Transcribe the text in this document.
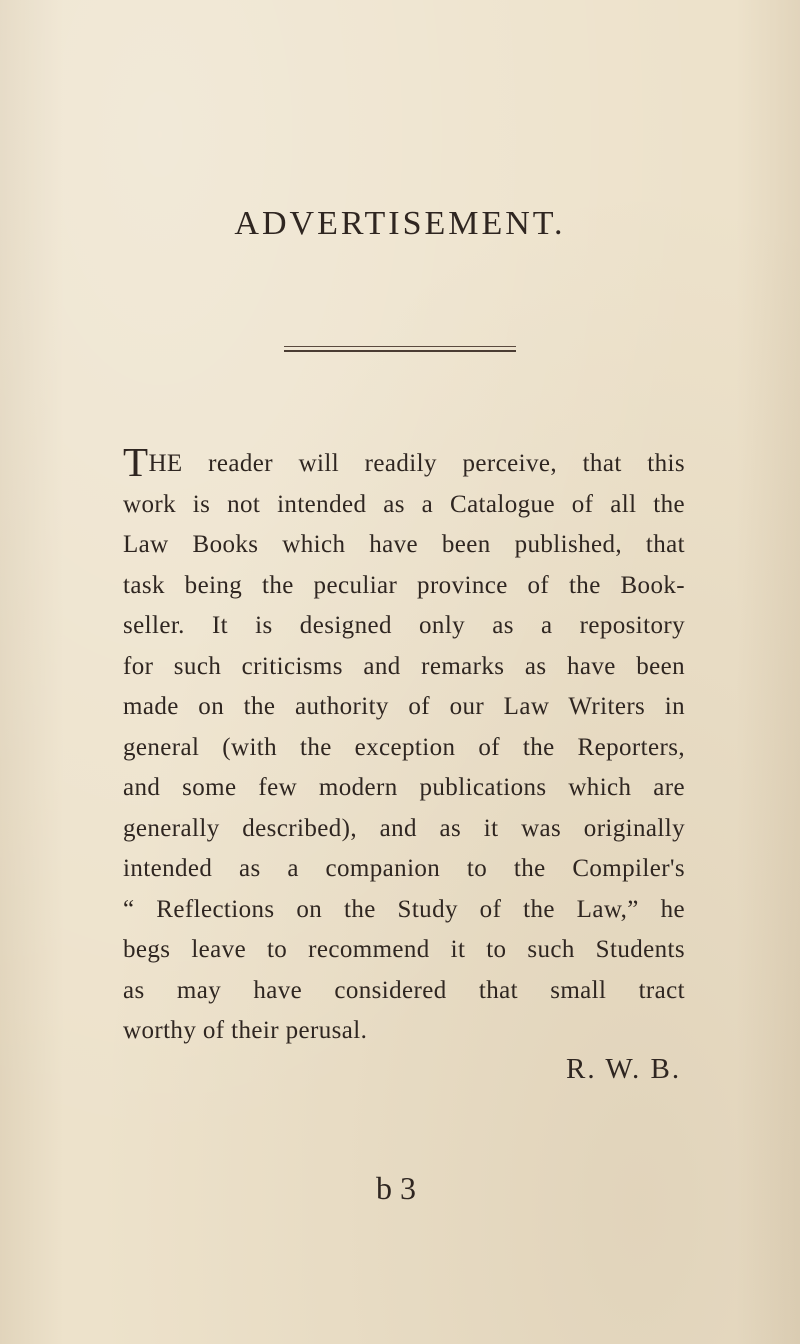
ADVERTISEMENT.
THE reader will readily perceive, that this
work is not intended as a Catalogue of all the
Law Books which have been published, that
task being the peculiar province of the Book-
seller. It is designed only as a repository
for such criticisms and remarks as have been
made on the authority of our Law Writers in
general (with the exception of the Reporters,
and some few modern publications which are
generally described), and as it was originally
intended as a companion to the Compiler's
“ Reflections on the Study of the Law,” he
begs leave to recommend it to such Students
as may have considered that small tract
worthy of their perusal.
R. W. B.
b 3
